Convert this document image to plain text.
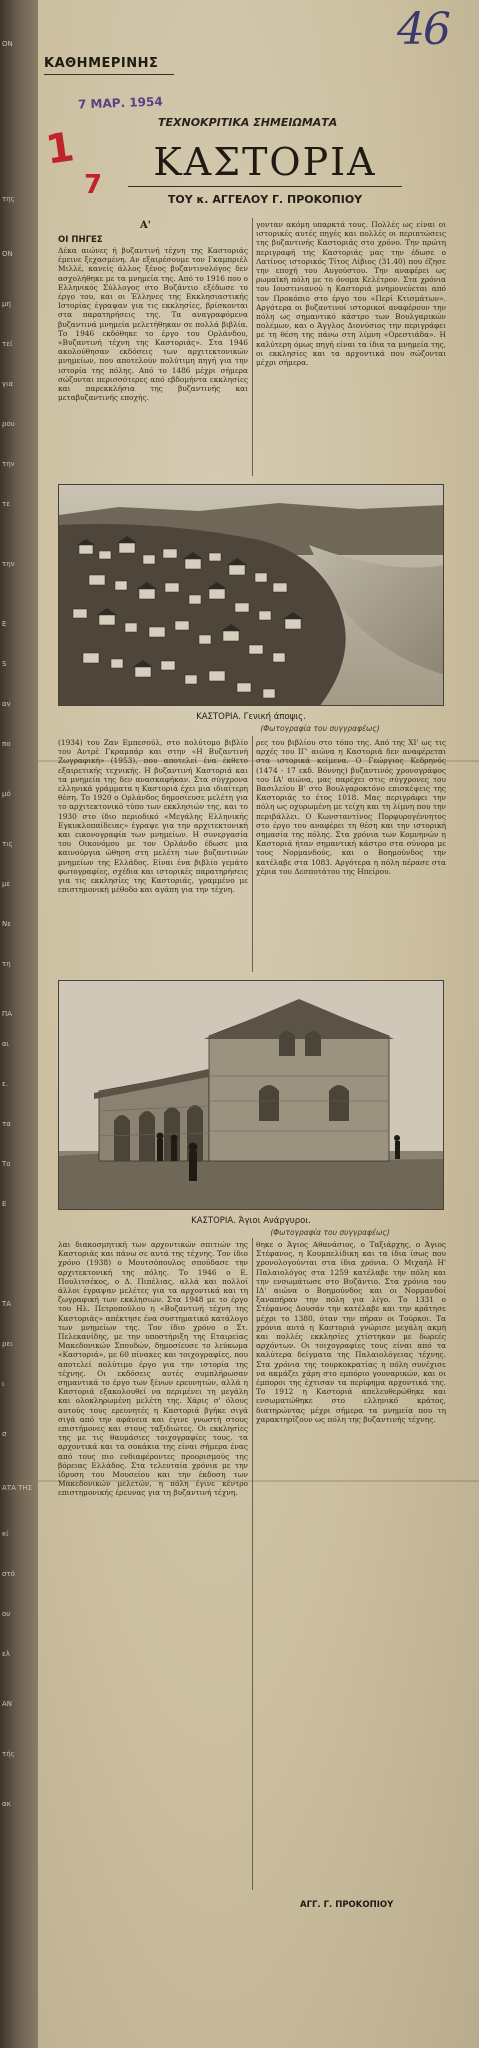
ΟΝ
της
ΟΝ
μη
τεί
για
ρου
την
τε
την
Ε
S
αν
πο
μό
τις
με
Νε
τη
ΠΑ
αι
ε.
τα
Το
Ε
ΤΑ
ρει
ι
σ
ΑΤΑ ΤΗΣ
κί
στό
ου
ελ
ΑΝ
τής
ακ
46
ΚΑΘΗΜΕΡΙΝΗΣ
7 ΜΑΡ. 1954
ΤΕΧΝΟΚΡΙΤΙΚΑ ΣΗΜΕΙΩΜΑΤΑ
1
7
ΚΑΣΤΟΡΙΑ
ΤΟΥ κ. ΑΓΓΕΛΟΥ Γ. ΠΡΟΚΟΠΙΟΥ
Α'
ΟΙ ΠΗΓΕΣ
Δέκα αιώνες ή βυζαντινή τέχνη της Καστοριάς έμεινε ξεχασμένη. Αν εξαιρέσουμε τον Γκαμπριέλ Μιλλέ, κανείς άλλος ξένος βυζαντινολόγος δεν ασχολήθηκε με τα μνημεία της. Από το 1916 που ο Ελληνικός Σύλλογος στο Βυζάντιο εξέδωσε το έργο του, και οι Έλληνες της Εκκλησιαστικής Ιστορίας έγραψαν για τις εκκλησίες, βρίσκονται στα παρατηρήσεις της. Τα αναγραφόμενα βυζαντινά μνημεία μελετήθηκαν σε πολλά βιβλία. Το 1946 εκδόθηκε το έργο του Ορλάνδου, «Βυζαντινή τέχνη της Καστοριάς». Στα 1946 ακολούθησαν εκδόσεις των αρχιτεκτονικών μνημείων, που αποτελούν πολύτιμη πηγή για την ιστορία της πόλης. Από το 1486 μέχρι σήμερα σώζονται περισσότερες από εβδομήντα εκκλησίες και παρεκκλήσια της βυζαντινής και μεταβυζαντινής εποχής.
γονταν ακόμη υπαρκτά τους. Πολλές ως είναι οι ιστορικές αυτές πηγές και πολλές οι περιπτώσεις της βυζαντινής Καστοριάς στο χρόνο. Την πρώτη περιγραφή της Καστοριάς μας την έδωσε ο Λατίνος ιστορικός Τίτος Λίβιος (31.40) που έζησε την εποχή του Αυγούστου. Την αναφέρει ως ρωμαϊκή πόλη με το όνομα Κελέτρον. Στα χρόνια του Ιουστινιανού η Καστοριά μνημονεύεται από τον Προκόπιο στο έργο του «Περί Κτισμάτων». Αργότερα οι βυζαντινοί ιστορικοί αναφέρουν την πόλη ως σημαντικό κάστρο των Βουλγαρικών πολέμων, και ο Άγγλος Διονύσιος την περιγράφει με τη θέση της πάνω στη λίμνη «Ορεστιάδα». Η καλύτερη όμως πηγή είναι τα ίδια τα μνημεία της, οι εκκλησίες και τα αρχοντικά που σώζονται μέχρι σήμερα.
ΚΑΣΤΟΡΙΑ. Γενική άποψις.
(Φωτογραφία του συγγραφέως)
(1934) του Ζαν Εμπεσούλ, στο πολύτομο βιβλίο του Αντρέ Γκραμπάρ και στην «Η Βυζαντινή Ζωγραφική» (1953), που αποτελεί ένα έκθετο εξαιρετικής τεχνικής. Η βυζαντινή Καστοριά και τα μνημεία της δεν ανασκαφήκαν. Στα σύγχρονα ελληνικά γράμματα η Καστοριά έχει μια ιδιαίτερη θέση. Το 1920 ο Ορλάνδος δημοσίευσε μελέτη για το αρχιτεκτονικό τύπο των εκκλησιών της, και το 1930 στο ίδιο περιοδικό «Μεγάλης Ελληνικής Εγκυκλοπαίδειας» έγραψε για την αρχιτεκτονική και εικονογραφία των μνημείων. Η συνεργασία του Οικονόμου με τον Ορλάνδο έδωσε μια καινούργια ώθηση στη μελέτη των βυζαντινών μνημείων της Ελλάδος. Είναι ένα βιβλίο γεμάτο φωτογραφίες, σχέδια και ιστορικές παρατηρήσεις για τις εκκλησίες της Καστοριάς, γραμμένο με επιστημονική μέθοδο και αγάπη για την τέχνη.
ρες του βιβλίου στο τόπο της. Από της XI' ως τις αρχές του ΙΓ' αιώνα η Καστοριά δεν αναφέρεται στα ιστορικά κείμενα. Ο Γεώργιος Κεδρηνός (1474 - 17 εκδ. Βόννης) βυζαντινός χρονογράφος του ΙΑ' αιώνα, μας παρέχει στις σύγχρονες του Βασιλείου Β' στο Βουλγαροκτόνο επισκέψεις της Καστοριάς το έτος 1018. Μας περιγράφει την πόλη ως οχυρωμένη με τείχη και τη λίμνη που την περιβάλλει. Ο Κωνσταντίνος Πορφυρογέννητος στο έργο του αναφέρει τη θέση και την ιστορική σημασία της πόλης. Στα χρόνια των Κομνηνών η Καστοριά ήταν σημαντική κάστρο στα σύνορα με τους Νορμανδούς, και ο Βοημούνδος την κατέλαβε στα 1083. Αργότερα η πόλη πέρασε στα χέρια του Δεσποτάτου της Ηπείρου.
ΚΑΣΤΟΡΙΑ. Άγιοι Ανάργυροι.
(Φωτογραφία του συγγραφέως)
λαι διακοσμητική των αρχοντικών σπιτιών της Καστοριάς και πάνω σε αυτά της τέχνης. Τον ίδιο χρόνο (1938) ο Μουτσόπουλος σπούδασε την αρχιτεκτονική της πόλης. Το 1946 ο Ε. Πουλιτσέκος, ο Δ. Πιπέλιας, αλλά και πολλοί άλλοι έγραψαν μελέτες για τα αρχοντικά και τη ζωγραφική των εκκλησιών. Στα 1948 με το έργο του Ηλ. Πετροπούλου η «Βυζαντινή τέχνη της Καστοριάς» απέκτησε ένα συστηματικό κατάλογο των μνημείων της. Τον ίδιο χρόνο ο Στ. Πελεκανίδης, με την υποστήριξη της Εταιρείας Μακεδονικών Σπουδών, δημοσίευσε το λεύκωμα «Καστοριά», με 60 πίνακες και τοιχογραφίες, που αποτελεί πολύτιμο έργο για την ιστορία της τέχνης. Οι εκδόσεις αυτές συμπλήρωσαν σημαντικά το έργο των ξένων ερευνητών, αλλά η Καστοριά εξακολουθεί να περιμένει τη μεγάλη και ολοκληρωμένη μελέτη της. Χάρις σ' όλους αυτούς τους ερευνητές η Καστοριά βγήκε σιγά σιγά από την αφάνεια και έγινε γνωστή στους επιστήμονες και στους ταξιδιώτες. Οι εκκλησίες της με τις θαυμάσιες τοιχογραφίες τους, τα αρχοντικά και τα σοκάκια της είναι σήμερα ένας από τους πιο ενδιαφέροντες προορισμούς της βόρειας Ελλάδος. Στα τελευταία χρόνια με την ίδρυση του Μουσείου και την έκδοση των Μακεδονικών μελετών, η πόλη έγινε κέντρο επιστημονικής έρευνας για τη βυζαντινή τέχνη.
θηκε ο Άγιος Αθανάσιος, ο Ταξιάρχης, ο Άγιος Στέφανος, η Κουμπελίδικη και τα ίδια ίσως που χρονολογούνται στα ίδια χρόνια. Ο Μιχαήλ Η' Παλαιολόγος στα 1259 κατέλαβε την πόλη και την ενσωμάτωσε στο Βυζάντιο. Στα χρόνια του ΙΔ' αιώνα ο Βοημούνδος και οι Νορμανδοί ξαναπήραν την πόλη για λίγο. Το 1331 ο Στέφανος Δουσάν την κατέλαβε και την κράτησε μέχρι το 1380, όταν την πήραν οι Τούρκοι. Τα χρόνια αυτά η Καστοριά γνώρισε μεγάλη ακμή και πολλές εκκλησίες χτίστηκαν με δωρεές αρχόντων. Οι τοιχογραφίες τους είναι από τα καλύτερα δείγματα της Παλαιολόγειας τέχνης. Στα χρόνια της τουρκοκρατίας η πόλη συνέχισε να ακμάζει χάρη στο εμπόριο γουναρικών, και οι έμποροι της έχτισαν τα περίφημα αρχοντικά της. Το 1912 η Καστοριά απελευθερώθηκε και ενσωματώθηκε στο ελληνικό κράτος, διατηρώντας μέχρι σήμερα τα μνημεία που τη χαρακτηρίζουν ως πόλη της βυζαντινής τέχνης.
ΑΓΓ. Γ. ΠΡΟΚΟΠΙΟΥ
